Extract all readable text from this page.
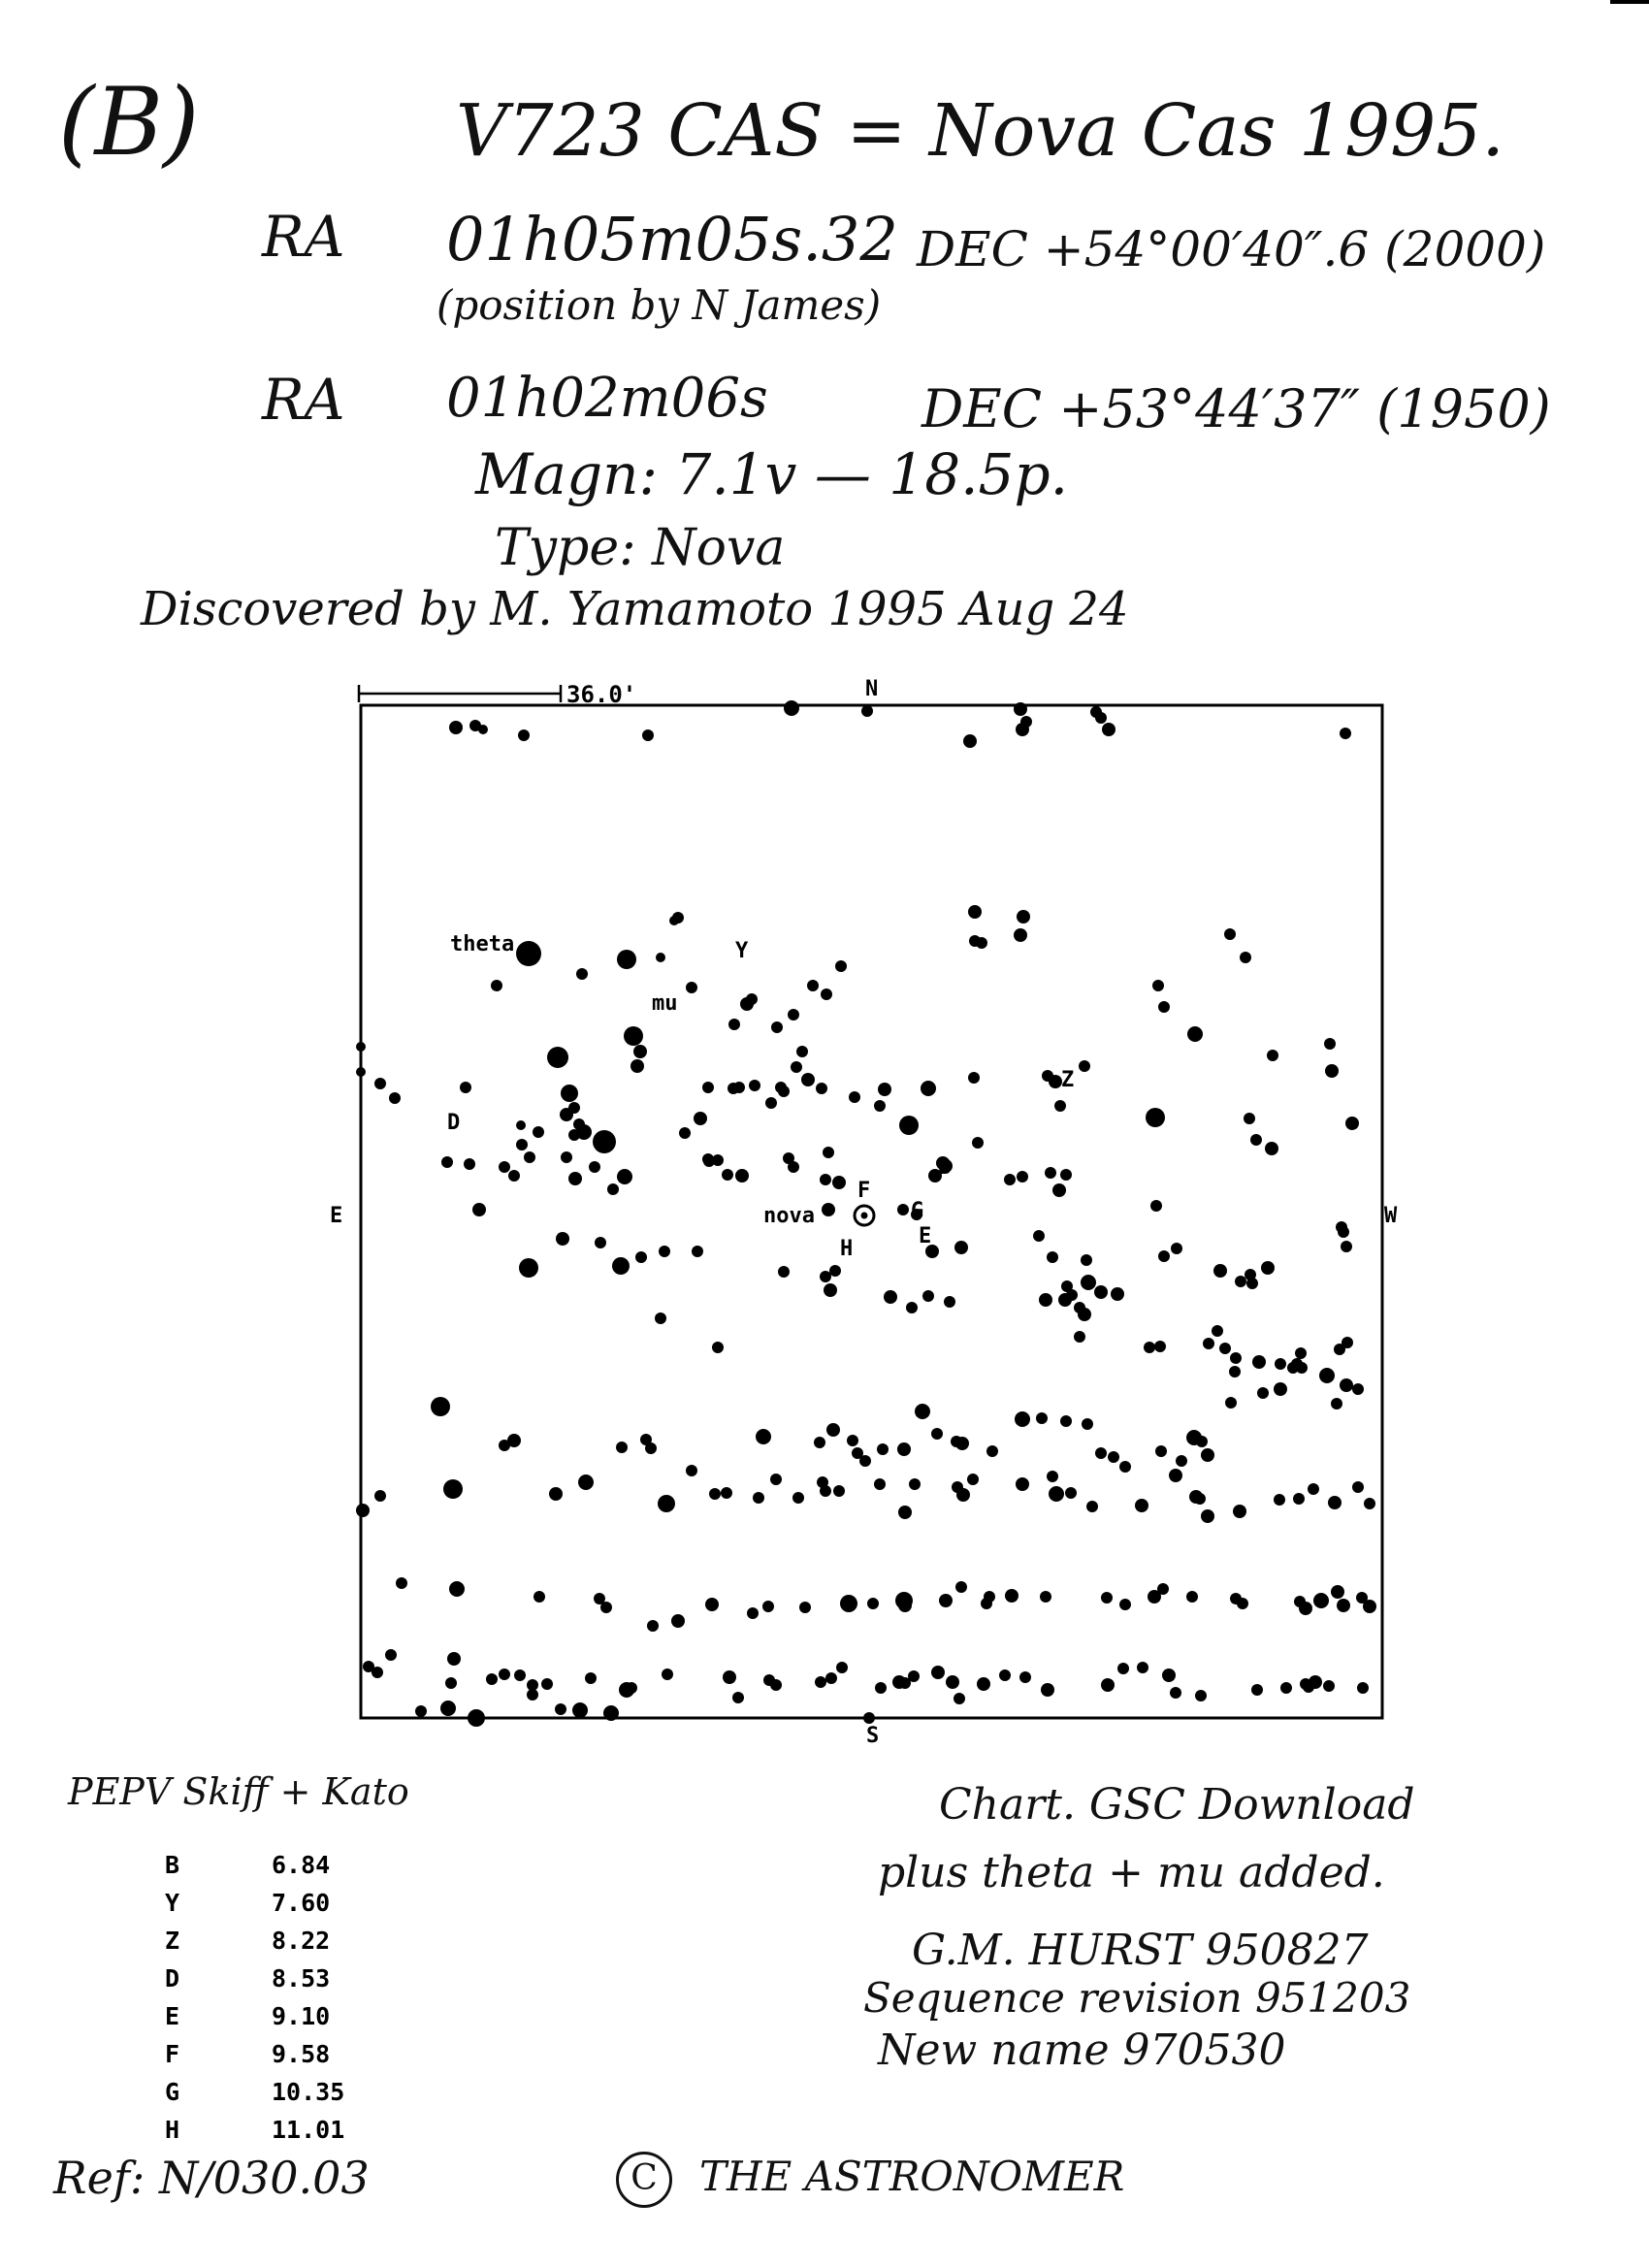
(B)	V723 CAS = Nova Cas 1995.
RA 01h05m05s.32 DEC +54°00′40″.6 (2000)
(position by N James)
RA 01h02m06s	DEC +53°44′37″ (1950)
Magn: 7.1v — 18.5p.
Type: Nova
Discovered by M. Yamamoto 1995 Aug 24
36.0'	N
S
E	W
theta
mu
Y
Z
D
B
F
nova	G
H
E
PEPV Skiff + Kato
B	6.84
Y	7.60
Z	8.22
D	8.53
E	9.10
F	9.58
G	10.35
H	11.01
Chart. GSC Download
plus theta + mu added.
G.M. HURST 950827
Sequence revision 951203
New name 970530
Ref: N/030.03	C THE ASTRONOMER
